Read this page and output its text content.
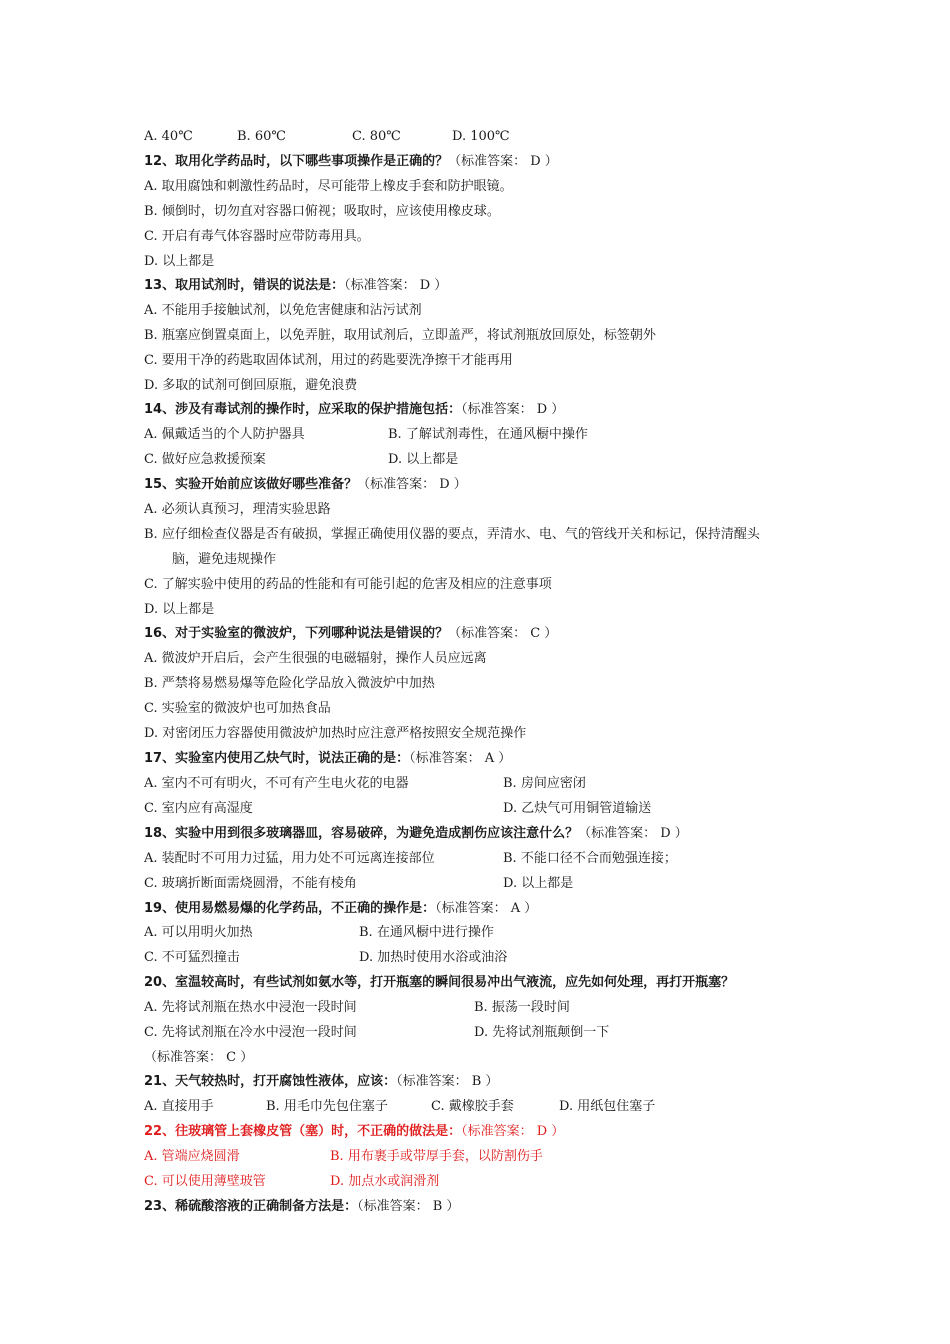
A. 40℃	B. 60℃	C. 80℃	D. 100℃
12、取用化学药品时，以下哪些事项操作是正确的？（标准答案： D ）
A. 取用腐蚀和刺激性药品时，尽可能带上橡皮手套和防护眼镜。
B. 倾倒时，切勿直对容器口俯视；吸取时，应该使用橡皮球。
C. 开启有毒气体容器时应带防毒用具。
D. 以上都是
13、取用试剂时，错误的说法是：（标准答案： D ）
A. 不能用手接触试剂，以免危害健康和沾污试剂
B. 瓶塞应倒置桌面上，以免弄脏，取用试剂后，立即盖严，将试剂瓶放回原处，标签朝外
C. 要用干净的药匙取固体试剂，用过的药匙要洗净擦干才能再用
D. 多取的试剂可倒回原瓶，避免浪费
14、涉及有毒试剂的操作时，应采取的保护措施包括：（标准答案： D ）
A. 佩戴适当的个人防护器具	B. 了解试剂毒性，在通风橱中操作
C. 做好应急救援预案	D. 以上都是
15、实验开始前应该做好哪些准备？（标准答案： D ）
A. 必须认真预习，理清实验思路
B. 应仔细检查仪器是否有破损，掌握正确使用仪器的要点，弄清水、电、气的管线开关和标记，保持清醒头
脑，避免违规操作
C. 了解实验中使用的药品的性能和有可能引起的危害及相应的注意事项
D. 以上都是
16、对于实验室的微波炉，下列哪种说法是错误的？（标准答案： C ）
A. 微波炉开启后，会产生很强的电磁辐射，操作人员应远离
B. 严禁将易燃易爆等危险化学品放入微波炉中加热
C. 实验室的微波炉也可加热食品
D. 对密闭压力容器使用微波炉加热时应注意严格按照安全规范操作
17、实验室内使用乙炔气时，说法正确的是：（标准答案： A ）
A. 室内不可有明火，不可有产生电火花的电器	B. 房间应密闭
C. 室内应有高湿度	D. 乙炔气可用铜管道输送
18、实验中用到很多玻璃器皿，容易破碎，为避免造成割伤应该注意什么？（标准答案： D ）
A. 装配时不可用力过猛，用力处不可远离连接部位	B. 不能口径不合而勉强连接；
C. 玻璃折断面需烧圆滑，不能有棱角	D. 以上都是
19、使用易燃易爆的化学药品，不正确的操作是：（标准答案： A ）
A. 可以用明火加热	B. 在通风橱中进行操作
C. 不可猛烈撞击	D. 加热时使用水浴或油浴
20、室温较高时，有些试剂如氨水等，打开瓶塞的瞬间很易冲出气液流，应先如何处理，再打开瓶塞？
A. 先将试剂瓶在热水中浸泡一段时间	B. 振荡一段时间
C. 先将试剂瓶在冷水中浸泡一段时间	D. 先将试剂瓶颠倒一下
（标准答案： C ）
21、天气较热时，打开腐蚀性液体，应该：（标准答案： B ）
A. 直接用手	B. 用毛巾先包住塞子	C. 戴橡胶手套	D. 用纸包住塞子
22、往玻璃管上套橡皮管（塞）时，不正确的做法是：（标准答案： D ）
A. 管端应烧圆滑	B. 用布裹手或带厚手套，以防割伤手
C. 可以使用薄壁玻管	D. 加点水或润滑剂
23、稀硫酸溶液的正确制备方法是：（标准答案： B ）
